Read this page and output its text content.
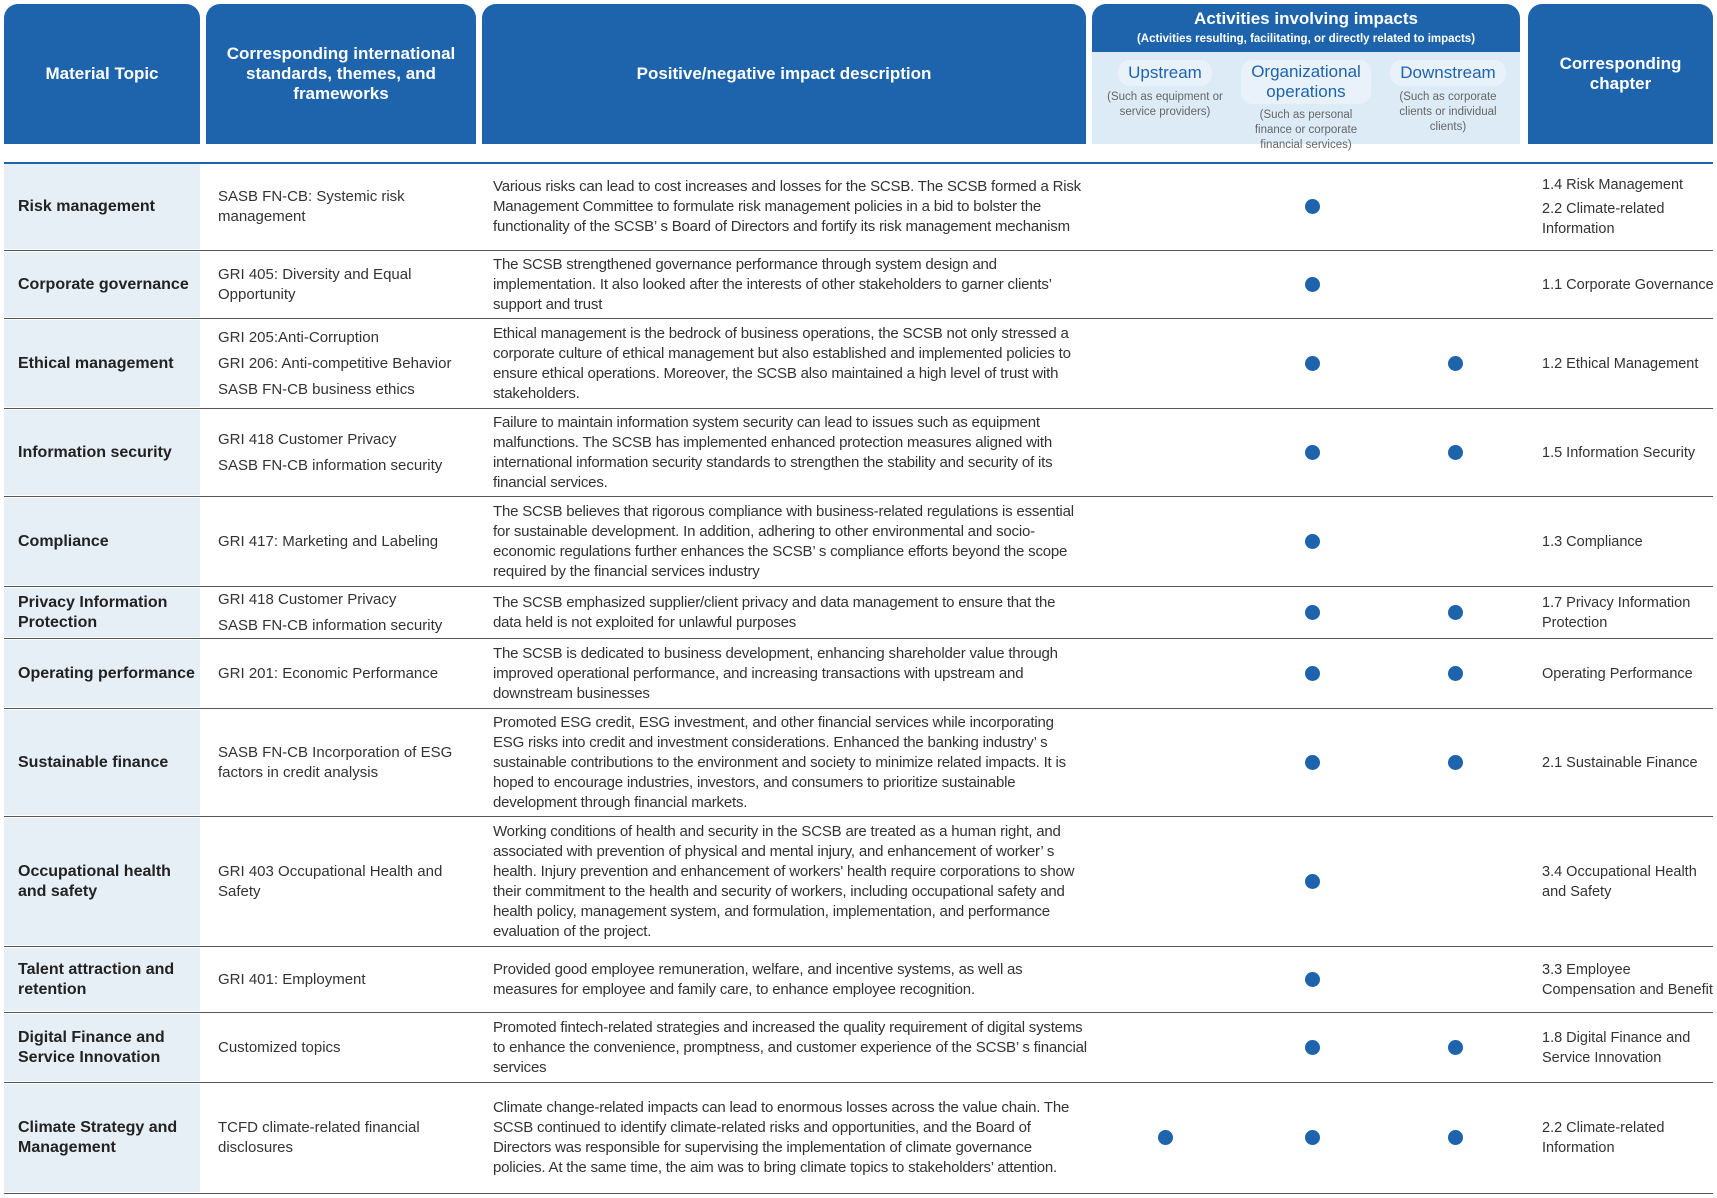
Material Topic
Corresponding international standards, themes, and frameworks
Positive/negative impact description
Activities involving impacts
(Activities resulting, facilitating, or directly related to impacts)
Upstream
(Such as equipment or service providers)
Organizational operations
(Such as personal finance or corporate financial services)
Downstream
(Such as corporate clients or individual clients)
Corresponding chapter
Risk management
SASB FN-CB: Systemic risk management
Various risks can lead to cost increases and losses for the SCSB. The SCSB formed a Risk Management Committee to formulate risk management policies in a bid to bolster the functionality of the SCSB’ s Board of Directors and fortify its risk management mechanism
1.4 Risk Management
2.2 Climate-related Information
Corporate governance
GRI 405: Diversity and Equal Opportunity
The SCSB strengthened governance performance through system design and implementation. It also looked after the interests of other stakeholders to garner clients’ support and trust
1.1 Corporate Governance
Ethical management
GRI 205:Anti-Corruption
GRI 206: Anti-competitive Behavior
SASB FN-CB business ethics
Ethical management is the bedrock of business operations, the SCSB not only stressed a corporate culture of ethical management but also established and implemented policies to ensure ethical operations. Moreover, the SCSB also maintained a high level of trust with stakeholders.
1.2 Ethical Management
Information security
GRI 418 Customer Privacy
SASB FN-CB information security
Failure to maintain information system security can lead to issues such as equipment malfunctions. The SCSB has implemented enhanced protection measures aligned with international information security standards to strengthen the stability and security of its financial services.
1.5 Information Security
Compliance	GRI 417: Marketing and Labeling
The SCSB believes that rigorous compliance with business-related regulations is essential for sustainable development. In addition, adhering to other environmental and socio-economic regulations further enhances the SCSB’ s compliance efforts beyond the scope required by the financial services industry
1.3 Compliance
Privacy Information Protection
GRI 418 Customer Privacy
SASB FN-CB information security
The SCSB emphasized supplier/client privacy and data management to ensure that the data held is not exploited for unlawful purposes
1.7 Privacy Information Protection
Operating performance	GRI 201: Economic Performance
The SCSB is dedicated to business development, enhancing shareholder value through improved operational performance, and increasing transactions with upstream and downstream businesses
Operating Performance
Sustainable finance
SASB FN-CB Incorporation of ESG factors in credit analysis
Promoted ESG credit, ESG investment, and other financial services while incorporating ESG risks into credit and investment considerations. Enhanced the banking industry’ s sustainable contributions to the environment and society to minimize related impacts. It is hoped to encourage industries, investors, and consumers to prioritize sustainable development through financial markets.
2.1 Sustainable Finance
Occupational health and safety
GRI 403 Occupational Health and Safety
Working conditions of health and security in the SCSB are treated as a human right, and associated with prevention of physical and mental injury, and enhancement of worker’ s health. Injury prevention and enhancement of workers' health require corporations to show their commitment to the health and security of workers, including occupational safety and health policy, management system, and formulation, implementation, and performance evaluation of the project.
3.4 Occupational Health and Safety
Talent attraction and retention
GRI 401: Employment
Provided good employee remuneration, welfare, and incentive systems, as well as measures for employee and family care, to enhance employee recognition.
3.3 Employee Compensation and Benefit
Digital Finance and Service Innovation
Customized topics
Promoted fintech-related strategies and increased the quality requirement of digital systems to enhance the convenience, promptness, and customer experience of the SCSB’ s financial services
1.8 Digital Finance and Service Innovation
Climate Strategy and Management
TCFD climate-related financial disclosures
Climate change-related impacts can lead to enormous losses across the value chain. The SCSB continued to identify climate-related risks and opportunities, and the Board of Directors was responsible for supervising the implementation of climate governance policies. At the same time, the aim was to bring climate topics to stakeholders’ attention.
2.2 Climate-related Information
